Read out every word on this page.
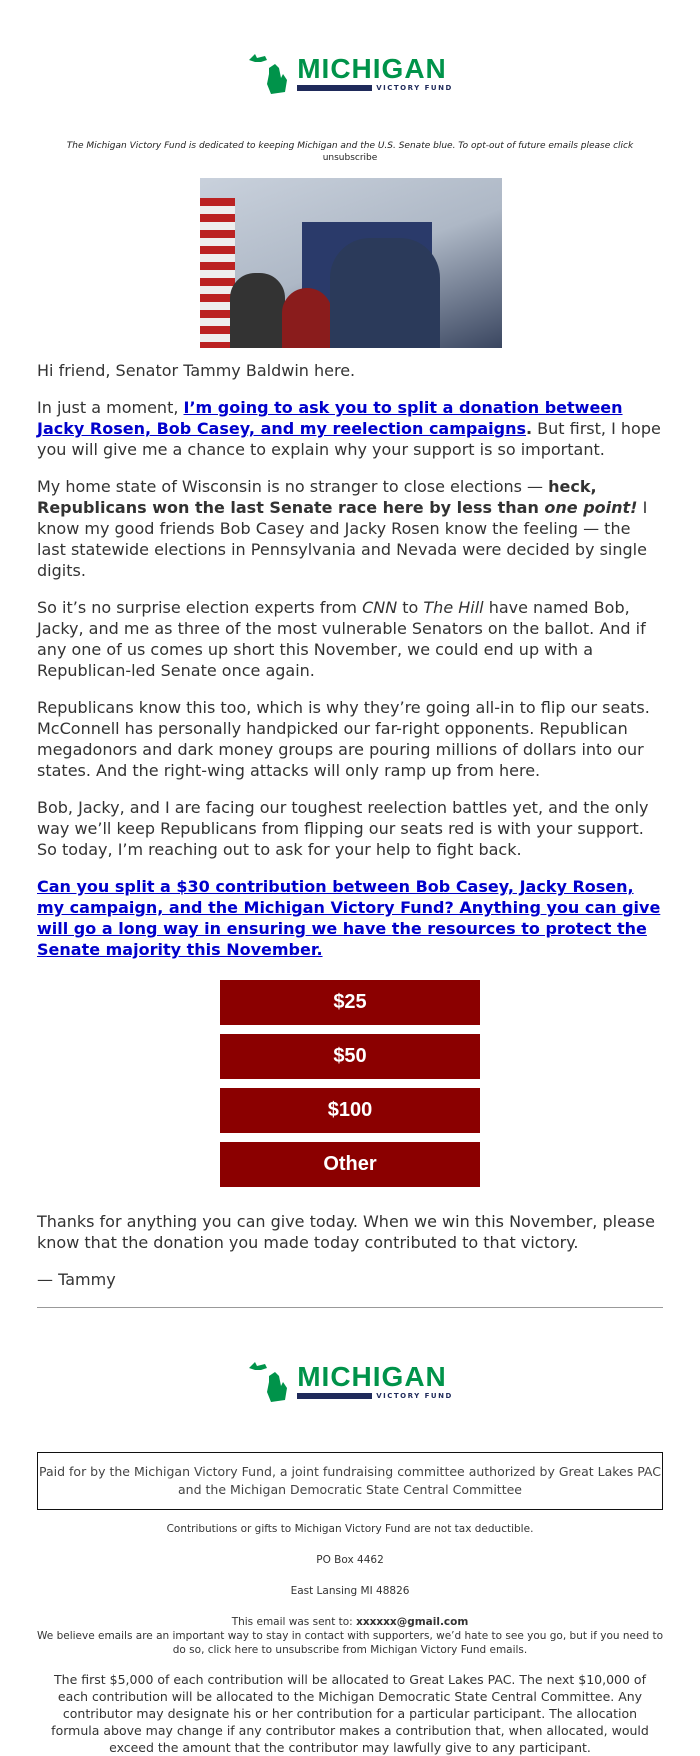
MICHIGAN
VICTORY FUND
The Michigan Victory Fund is dedicated to keeping Michigan and the U.S. Senate blue. To opt-out of future emails please click unsubscribe

Hi friend, Senator Tammy Baldwin here.

In just a moment, I’m going to ask you to split a donation between Jacky Rosen, Bob Casey, and my reelection campaigns. But first, I hope you will give me a chance to explain why your support is so important.

My home state of Wisconsin is no stranger to close elections — heck, Republicans won the last Senate race here by less than one point! I know my good friends Bob Casey and Jacky Rosen know the feeling — the last statewide elections in Pennsylvania and Nevada were decided by single digits.

So it’s no surprise election experts from CNN to The Hill have named Bob, Jacky, and me as three of the most vulnerable Senators on the ballot. And if any one of us comes up short this November, we could end up with a Republican-led Senate once again.

Republicans know this too, which is why they’re going all-in to flip our seats. McConnell has personally handpicked our far-right opponents. Republican megadonors and dark money groups are pouring millions of dollars into our states. And the right-wing attacks will only ramp up from here.

Bob, Jacky, and I are facing our toughest reelection battles yet, and the only way we’ll keep Republicans from flipping our seats red is with your support. So today, I’m reaching out to ask for your help to fight back.

Can you split a $30 contribution between Bob Casey, Jacky Rosen, my campaign, and the Michigan Victory Fund? Anything you can give will go a long way in ensuring we have the resources to protect the Senate majority this November.

$25
$50
$100
Other

Thanks for anything you can give today. When we win this November, please know that the donation you made today contributed to that victory.

— Tammy

MICHIGAN
VICTORY FUND
Paid for by the Michigan Victory Fund, a joint fundraising committee authorized by Great Lakes PAC and the Michigan Democratic State Central Committee

Contributions or gifts to Michigan Victory Fund are not tax deductible.

PO Box 4462

East Lansing MI 48826

This email was sent to: xxxxxx@gmail.com
We believe emails are an important way to stay in contact with supporters, we’d hate to see you go, but if you need to do so, click here to unsubscribe from Michigan Victory Fund emails.
The first $5,000 of each contribution will be allocated to Great Lakes PAC. The next $10,000 of each contribution will be allocated to the Michigan Democratic State Central Committee. Any contributor may designate his or her contribution for a particular participant. The allocation formula above may change if any contributor makes a contribution that, when allocated, would exceed the amount that the contributor may lawfully give to any participant.
